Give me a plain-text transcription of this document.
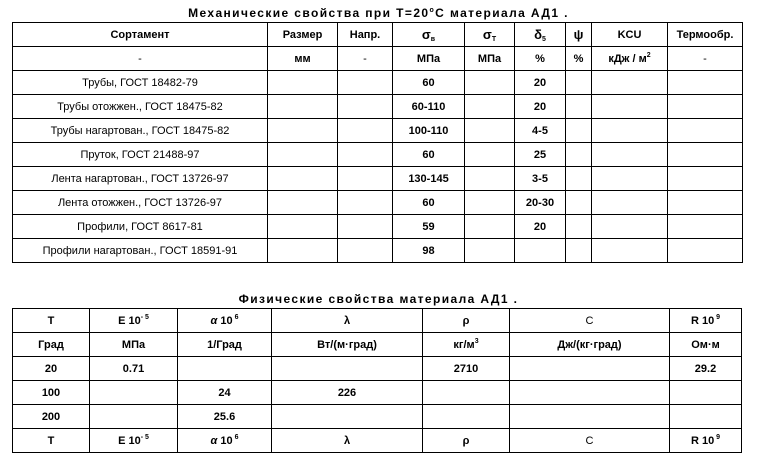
Механические свойства при $Т=20^oC$ материала АД1 .
Сортамент	Размер	Напр.	$\sigma_в$	$\sigma_T$	$\delta_5$	ψ	KCU	Термообр.
-	мм	-	МПа	МПа	%	%	кДж / $м^2$	-
Трубы, ГОСТ 18482-79			60		20			
Трубы отожжен., ГОСТ 18475-82			60-110		20			
Трубы нагартован., ГОСТ 18475-82			100-110		4-5			
Пруток, ГОСТ 21488-97			60		25			
Лента нагартован., ГОСТ 13726-97			130-145		3-5			
Лента отожжен., ГОСТ 13726-97			60		20-30			
Профили, ГОСТ 8617-81			59		20			
Профили нагартован., ГОСТ 18591-91			98					
Физические свойства материала АД1 .
T	E $10^{- 5}$	α 10 $^6$	λ	ρ	C	R 10 $^9$
Град	МПа	1/Град	Вт/(м·град)	$кг/м^3$	Дж/(кг·град)	Ом·м
20	0.71			2710		29.2
100		24	226			
200		25.6				
T	E $10^{- 5}$	α 10 $^6$	λ	ρ	C	R 10 $^9$
